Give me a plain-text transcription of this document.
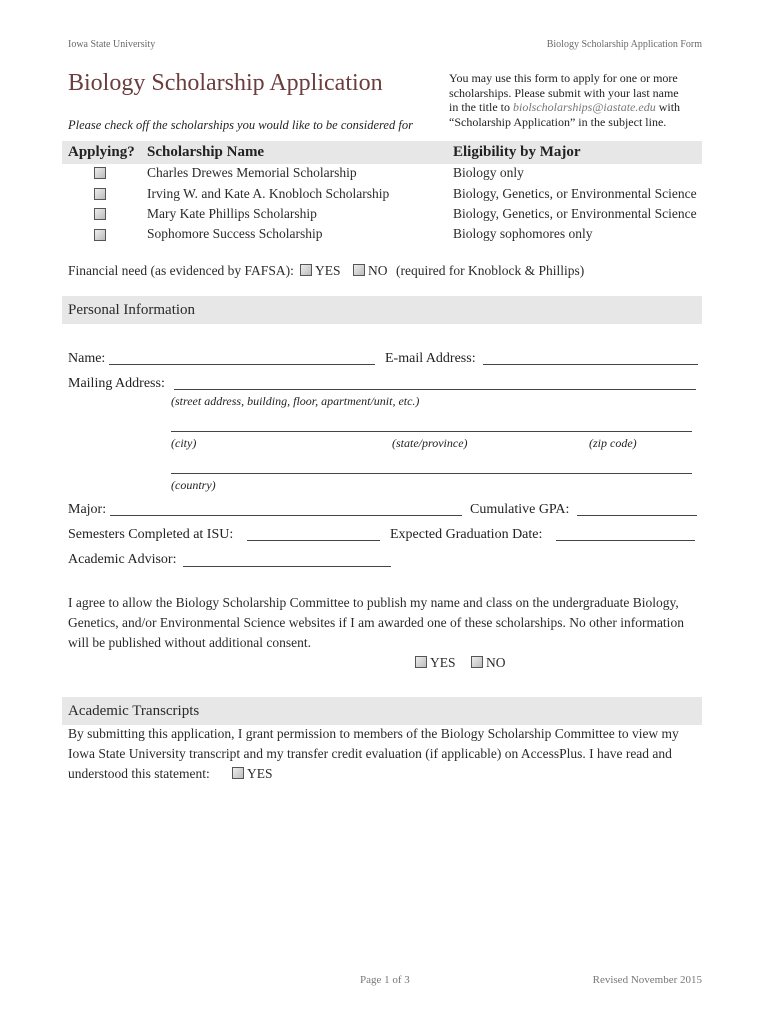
Iowa State University	Biology Scholarship Application Form
Biology Scholarship Application	You may use this form to apply for one or more
scholarships. Please submit with your last name
in the title to biolscholarships@iastate.edu with
“Scholarship Application” in the subject line.
Please check off the scholarships you would like to be considered for
Applying? Scholarship Name	Eligibility by Major
Charles Drewes Memorial Scholarship	Biology only
Irving W. and Kate A. Knobloch Scholarship	Biology, Genetics, or Environmental Science
Mary Kate Phillips Scholarship	Biology, Genetics, or Environmental Science
Sophomore Success Scholarship	Biology sophomores only
Financial need (as evidenced by FAFSA): YES NO (required for Knoblock & Phillips)
Personal Information
Name:	E-mail Address:
Mailing Address:
(street address, building, floor, apartment/unit, etc.)
(city)	(state/province)	(zip code)
(country)
Major:	Cumulative GPA:
Semesters Completed at ISU:	Expected Graduation Date:
Academic Advisor:
I agree to allow the Biology Scholarship Committee to publish my name and class on the undergraduate Biology, Genetics, and/or Environmental Science websites if I am awarded one of these scholarships. No other information will be published without additional consent.
YES NO
Academic Transcripts
By submitting this application, I grant permission to members of the Biology Scholarship Committee to view my Iowa State University transcript and my transfer credit evaluation (if applicable) on AccessPlus. I have read and understood this statement:	YES
Page 1 of 3	Revised November 2015
